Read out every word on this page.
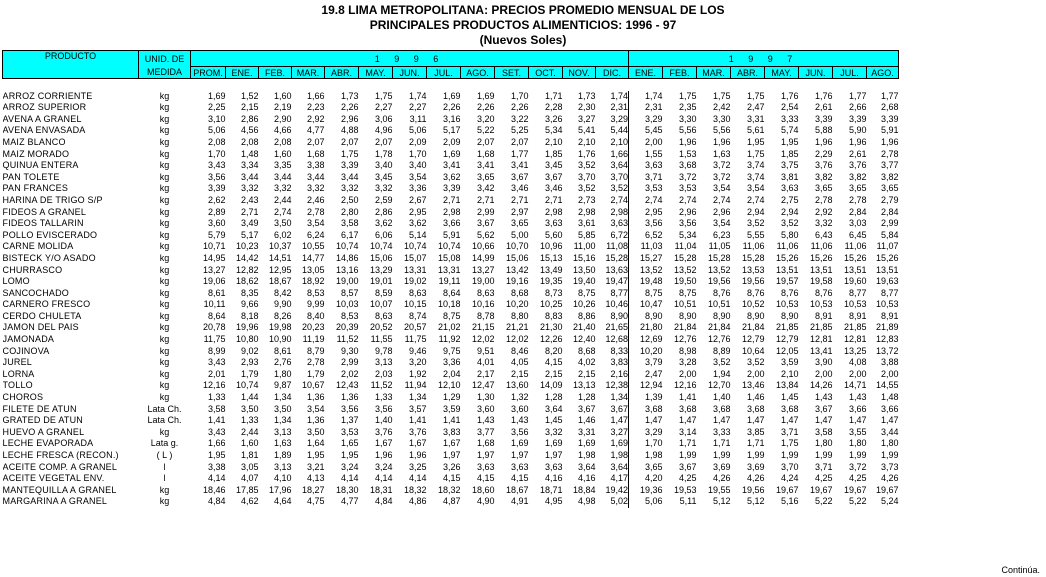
19.8 LIMA METROPOLITANA: PRECIOS PROMEDIO MENSUAL DE LOS
PRINCIPALES PRODUCTOS ALIMENTICIOS: 1996 - 97
(Nuevos Soles)
PRODUCTO	UNID. DE	1 9 9 6													1 9 9 7							
	MEDIDA	PROM.	ENE.	FEB.	MAR.	ABR.	MAY.	JUN.	JUL.	AGO.	SET.	OCT.	NOV.	DIC.	ENE.	FEB.	MAR.	ABR.	MAY.	JUN.	JUL.	AGO.

ARROZ CORRIENTE	kg	1,69	1,52	1,60	1,66	1,73	1,75	1,74	1,69	1,69	1,70	1,71	1,73	1,74	1,74	1,75	1,75	1,75	1,76	1,76	1,77	1,77
ARROZ SUPERIOR	kg	2,25	2,15	2,19	2,23	2,26	2,27	2,27	2,26	2,26	2,26	2,28	2,30	2,31	2,31	2,35	2,42	2,47	2,54	2,61	2,66	2,68
AVENA A GRANEL	kg	3,10	2,86	2,90	2,92	2,96	3,06	3,11	3,16	3,20	3,22	3,26	3,27	3,29	3,29	3,30	3,30	3,31	3,33	3,39	3,39	3,39
AVENA ENVASADA	kg	5,06	4,56	4,66	4,77	4,88	4,96	5,06	5,17	5,22	5,25	5,34	5,41	5,44	5,45	5,56	5,56	5,61	5,74	5,88	5,90	5,91
MAIZ BLANCO	kg	2,08	2,08	2,08	2,07	2,07	2,07	2,09	2,09	2,07	2,07	2,10	2,10	2,10	2,00	1,96	1,96	1,95	1,95	1,96	1,96	1,96
MAIZ MORADO	kg	1,70	1,48	1,60	1,68	1,75	1,78	1,70	1,69	1,68	1,77	1,85	1,76	1,66	1,55	1,53	1,63	1,75	1,85	2,29	2,61	2,78
QUINUA ENTERA	kg	3,43	3,34	3,35	3,38	3,39	3,40	3,40	3,41	3,41	3,41	3,45	3,52	3,64	3,63	3,68	3,72	3,74	3,75	3,76	3,76	3,77
PAN TOLETE	kg	3,56	3,44	3,44	3,44	3,44	3,45	3,54	3,62	3,65	3,67	3,67	3,70	3,70	3,71	3,72	3,72	3,74	3,81	3,82	3,82	3,82
PAN FRANCES	kg	3,39	3,32	3,32	3,32	3,32	3,32	3,36	3,39	3,42	3,46	3,46	3,52	3,52	3,53	3,53	3,54	3,54	3,63	3,65	3,65	3,65
HARINA DE TRIGO S/P	kg	2,62	2,43	2,44	2,46	2,50	2,59	2,67	2,71	2,71	2,71	2,71	2,73	2,74	2,74	2,74	2,74	2,74	2,75	2,78	2,78	2,79
FIDEOS A GRANEL	kg	2,89	2,71	2,74	2,78	2,80	2,86	2,95	2,98	2,99	2,97	2,98	2,98	2,98	2,95	2,96	2,96	2,94	2,94	2,92	2,84	2,84
FIDEOS TALLARIN	kg	3,60	3,49	3,50	3,54	3,58	3,62	3,62	3,66	3,67	3,65	3,63	3,61	3,63	3,56	3,56	3,54	3,52	3,52	3,32	3,03	2,99
POLLO EVISCERADO	kg	5,79	5,17	6,02	6,24	6,17	6,06	5,14	5,91	5,62	5,00	5,60	5,85	6,72	6,52	5,34	6,23	5,55	5,80	6,43	6,45	5,84
CARNE MOLIDA	kg	10,71	10,23	10,37	10,55	10,74	10,74	10,74	10,74	10,66	10,70	10,96	11,00	11,08	11,03	11,04	11,05	11,06	11,06	11,06	11,06	11,07
BISTECK Y/O ASADO	kg	14,95	14,42	14,51	14,77	14,86	15,06	15,07	15,08	14,99	15,06	15,13	15,16	15,28	15,27	15,28	15,28	15,28	15,26	15,26	15,26	15,26
CHURRASCO	kg	13,27	12,82	12,95	13,05	13,16	13,29	13,31	13,31	13,27	13,42	13,49	13,50	13,63	13,52	13,52	13,52	13,53	13,51	13,51	13,51	13,51
LOMO	kg	19,06	18,62	18,67	18,92	19,00	19,01	19,02	19,11	19,00	19,16	19,35	19,40	19,47	19,48	19,50	19,56	19,56	19,57	19,58	19,60	19,63
SANCOCHADO	kg	8,61	8,35	8,42	8,53	8,57	8,59	8,63	8,64	8,63	8,68	8,73	8,75	8,77	8,75	8,75	8,76	8,76	8,76	8,76	8,77	8,77
CARNERO FRESCO	kg	10,11	9,66	9,90	9,99	10,03	10,07	10,15	10,18	10,16	10,20	10,25	10,26	10,46	10,47	10,51	10,51	10,52	10,53	10,53	10,53	10,53
CERDO CHULETA	kg	8,64	8,18	8,26	8,40	8,53	8,63	8,74	8,75	8,78	8,80	8,83	8,86	8,90	8,90	8,90	8,90	8,90	8,90	8,91	8,91	8,91
JAMON DEL PAIS	kg	20,78	19,96	19,98	20,23	20,39	20,52	20,57	21,02	21,15	21,21	21,30	21,40	21,65	21,80	21,84	21,84	21,84	21,85	21,85	21,85	21,89
JAMONADA	kg	11,75	10,80	10,90	11,19	11,52	11,55	11,75	11,92	12,02	12,02	12,26	12,40	12,68	12,69	12,76	12,76	12,79	12,79	12,81	12,81	12,83
COJINOVA	kg	8,99	9,02	8,61	8,79	9,30	9,78	9,46	9,75	9,51	8,46	8,20	8,68	8,33	10,20	8,98	8,89	10,64	12,05	13,41	13,25	13,72
JUREL	kg	3,43	2,93	2,76	2,78	2,99	3,13	3,20	3,36	4,01	4,05	4,15	4,02	3,83	3,79	3,28	3,52	3,52	3,59	3,90	4,08	3,88
LORNA	kg	2,01	1,79	1,80	1,79	2,02	2,03	1,92	2,04	2,17	2,15	2,15	2,15	2,16	2,47	2,00	1,94	2,00	2,10	2,00	2,00	2,00
TOLLO	kg	12,16	10,74	9,87	10,67	12,43	11,52	11,94	12,10	12,47	13,60	14,09	13,13	12,38	12,94	12,16	12,70	13,46	13,84	14,26	14,71	14,55
CHOROS	kg	1,33	1,44	1,34	1,36	1,36	1,33	1,34	1,29	1,30	1,32	1,28	1,28	1,34	1,39	1,41	1,40	1,46	1,45	1,43	1,43	1,48
FILETE DE ATUN	Lata Ch.	3,58	3,50	3,50	3,54	3,56	3,56	3,57	3,59	3,60	3,60	3,64	3,67	3,67	3,68	3,68	3,68	3,68	3,68	3,67	3,66	3,66
GRATED DE ATUN	Lata Ch.	1,41	1,33	1,34	1,36	1,37	1,40	1,41	1,41	1,43	1,43	1,45	1,46	1,47	1,47	1,47	1,47	1,47	1,47	1,47	1,47	1,47
HUEVO A GRANEL	kg	3,43	2,44	3,13	3,50	3,53	3,76	3,76	3,83	3,77	3,56	3,32	3,31	3,27	3,29	3,14	3,33	3,85	3,71	3,58	3,55	3,44
LECHE EVAPORADA	Lata g.	1,66	1,60	1,63	1,64	1,65	1,67	1,67	1,67	1,68	1,69	1,69	1,69	1,69	1,70	1,71	1,71	1,71	1,75	1,80	1,80	1,80
LECHE FRESCA (RECON.)	( L )	1,95	1,81	1,89	1,95	1,95	1,96	1,96	1,97	1,97	1,97	1,97	1,98	1,98	1,98	1,99	1,99	1,99	1,99	1,99	1,99	1,99
ACEITE COMP. A GRANEL	l	3,38	3,05	3,13	3,21	3,24	3,24	3,25	3,26	3,63	3,63	3,63	3,64	3,64	3,65	3,67	3,69	3,69	3,70	3,71	3,72	3,73
ACEITE VEGETAL ENV.	l	4,14	4,07	4,10	4,13	4,14	4,14	4,14	4,15	4,15	4,15	4,16	4,16	4,17	4,20	4,25	4,26	4,26	4,24	4,25	4,25	4,26
MANTEQUILLA A GRANEL	kg	18,46	17,85	17,96	18,27	18,30	18,31	18,32	18,32	18,60	18,67	18,71	18,84	19,42	19,36	19,53	19,55	19,56	19,67	19,67	19,67	19,67
MARGARINA A GRANEL	kg	4,84	4,62	4,64	4,75	4,77	4,84	4,86	4,87	4,90	4,91	4,95	4,98	5,02	5,06	5,11	5,12	5,12	5,16	5,22	5,22	5,24
Continúa.
